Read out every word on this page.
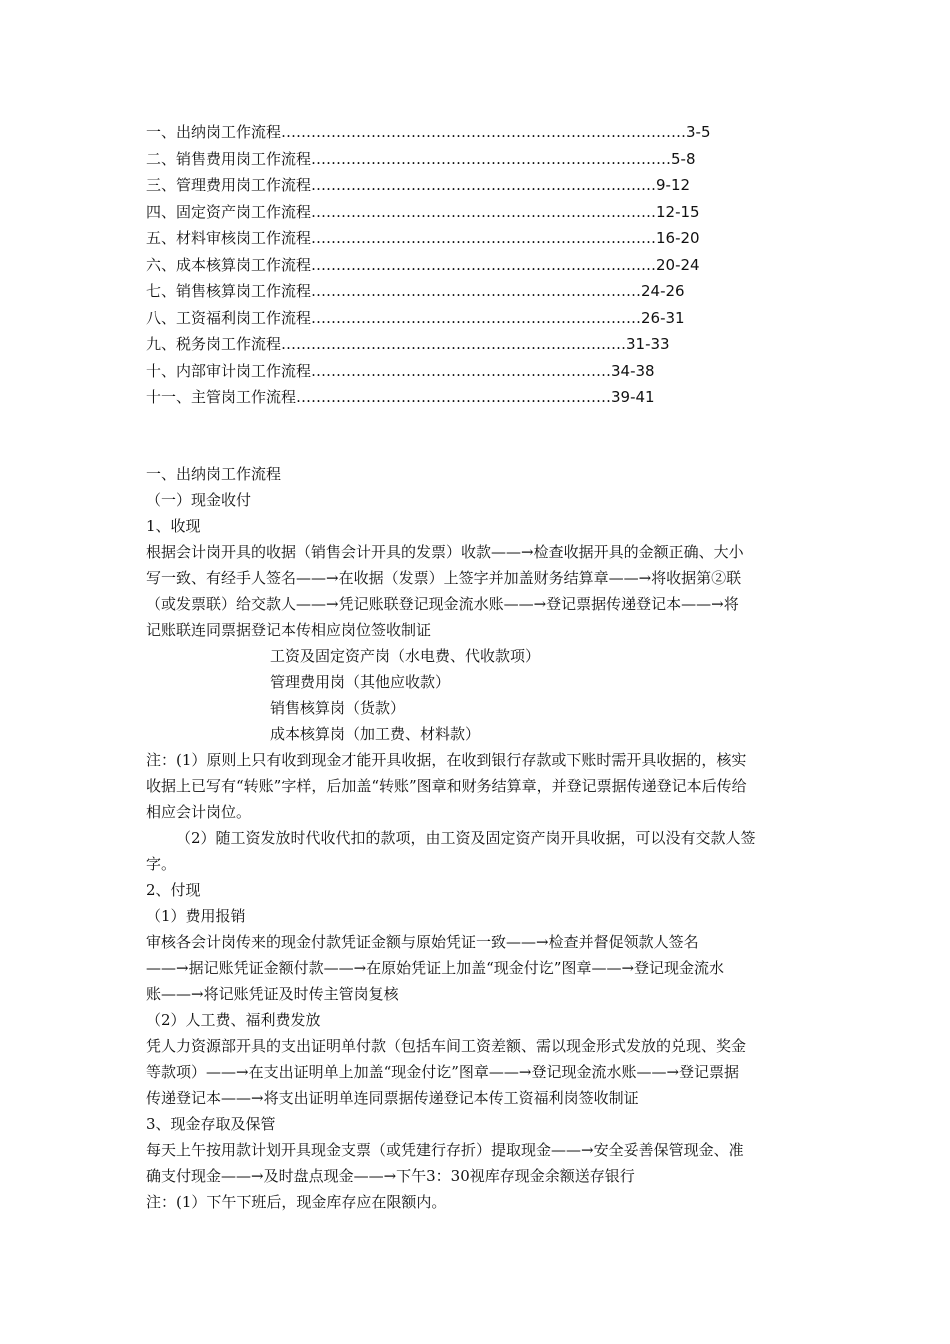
一、出纳岗工作流程………………………………………………………………………3-5
二、销售费用岗工作流程………………………………………………………………5-8
三、管理费用岗工作流程……………………………………………………………9-12
四、固定资产岗工作流程……………………………………………………………12-15
五、材料审核岗工作流程……………………………………………………………16-20
六、成本核算岗工作流程……………………………………………………………20-24
七、销售核算岗工作流程…………………………………………………………24-26
八、工资福利岗工作流程…………………………………………………………26-31
九、税务岗工作流程……………………………………………………………31-33
十、内部审计岗工作流程……………………………………………………34-38
十一、主管岗工作流程………………………………………………………39-41
一、出纳岗工作流程
（一）现金收付
1、收现
根据会计岗开具的收据（销售会计开具的发票）收款——→检查收据开具的金额正确、大小
写一致、有经手人签名——→在收据（发票）上签字并加盖财务结算章——→将收据第②联
（或发票联）给交款人——→凭记账联登记现金流水账——→登记票据传递登记本——→将
记账联连同票据登记本传相应岗位签收制证
工资及固定资产岗（水电费、代收款项）
管理费用岗（其他应收款）
销售核算岗（货款）
成本核算岗（加工费、材料款）
注：(1）原则上只有收到现金才能开具收据，在收到银行存款或下账时需开具收据的，核实
收据上已写有“转账”字样，后加盖“转账”图章和财务结算章，并登记票据传递登记本后传给
相应会计岗位。
（2）随工资发放时代收代扣的款项，由工资及固定资产岗开具收据，可以没有交款人签
字。
2、付现
（1）费用报销
审核各会计岗传来的现金付款凭证金额与原始凭证一致——→检查并督促领款人签名
——→据记账凭证金额付款——→在原始凭证上加盖“现金付讫”图章——→登记现金流水
账——→将记账凭证及时传主管岗复核
（2）人工费、福利费发放
凭人力资源部开具的支出证明单付款（包括车间工资差额、需以现金形式发放的兑现、奖金
等款项）——→在支出证明单上加盖“现金付讫”图章——→登记现金流水账——→登记票据
传递登记本——→将支出证明单连同票据传递登记本传工资福利岗签收制证
3、现金存取及保管
每天上午按用款计划开具现金支票（或凭建行存折）提取现金——→安全妥善保管现金、准
确支付现金——→及时盘点现金——→下午3：30视库存现金余额送存银行
注：(1）下午下班后，现金库存应在限额内。
